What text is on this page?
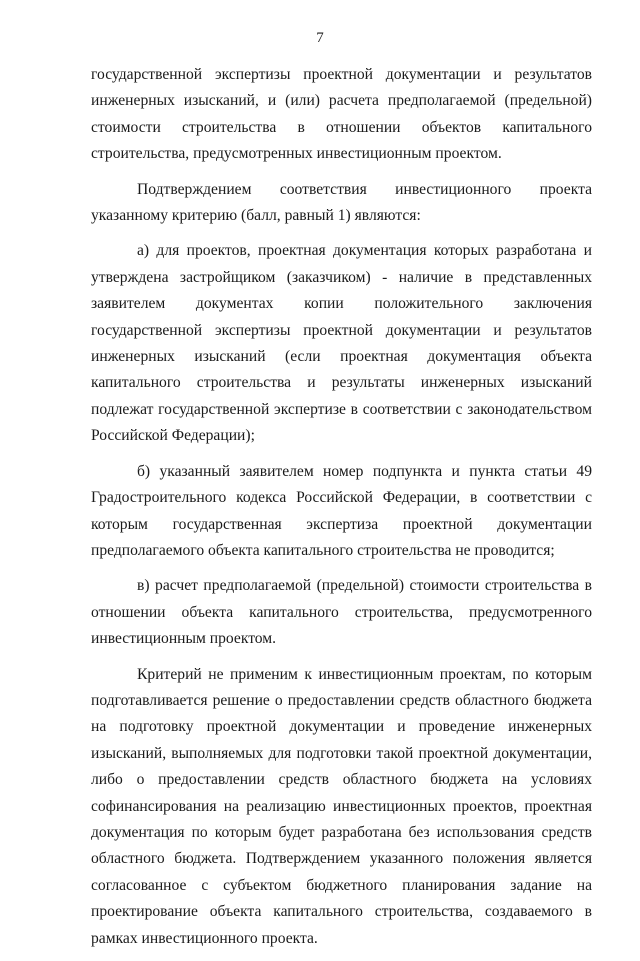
7

государственной экспертизы проектной документации и результатов инженерных изысканий, и (или) расчета предполагаемой (предельной) стоимости строительства в отношении объектов капитального строительства, предусмотренных инвестиционным проектом.

Подтверждением соответствия инвестиционного проекта указанному критерию (балл, равный 1) являются:

а) для проектов, проектная документация которых разработана и утверждена застройщиком (заказчиком) - наличие в представленных заявителем документах копии положительного заключения государственной экспертизы проектной документации и результатов инженерных изысканий (если проектная документация объекта капитального строительства и результаты инженерных изысканий подлежат государственной экспертизе в соответствии с законодательством Российской Федерации);

б) указанный заявителем номер подпункта и пункта статьи 49 Градостроительного кодекса Российской Федерации, в соответствии с которым государственная экспертиза проектной документации предполагаемого объекта капитального строительства не проводится;

в) расчет предполагаемой (предельной) стоимости строительства в отношении объекта капитального строительства, предусмотренного инвестиционным проектом.

Критерий не применим к инвестиционным проектам, по которым подготавливается решение о предоставлении средств областного бюджета на подготовку проектной документации и проведение инженерных изысканий, выполняемых для подготовки такой проектной документации, либо о предоставлении средств областного бюджета на условиях софинансирования на реализацию инвестиционных проектов, проектная документация по которым будет разработана без использования средств областного бюджета. Подтверждением указанного положения является согласованное с субъектом бюджетного планирования задание на проектирование объекта капитального строительства, создаваемого в рамках инвестиционного проекта.
